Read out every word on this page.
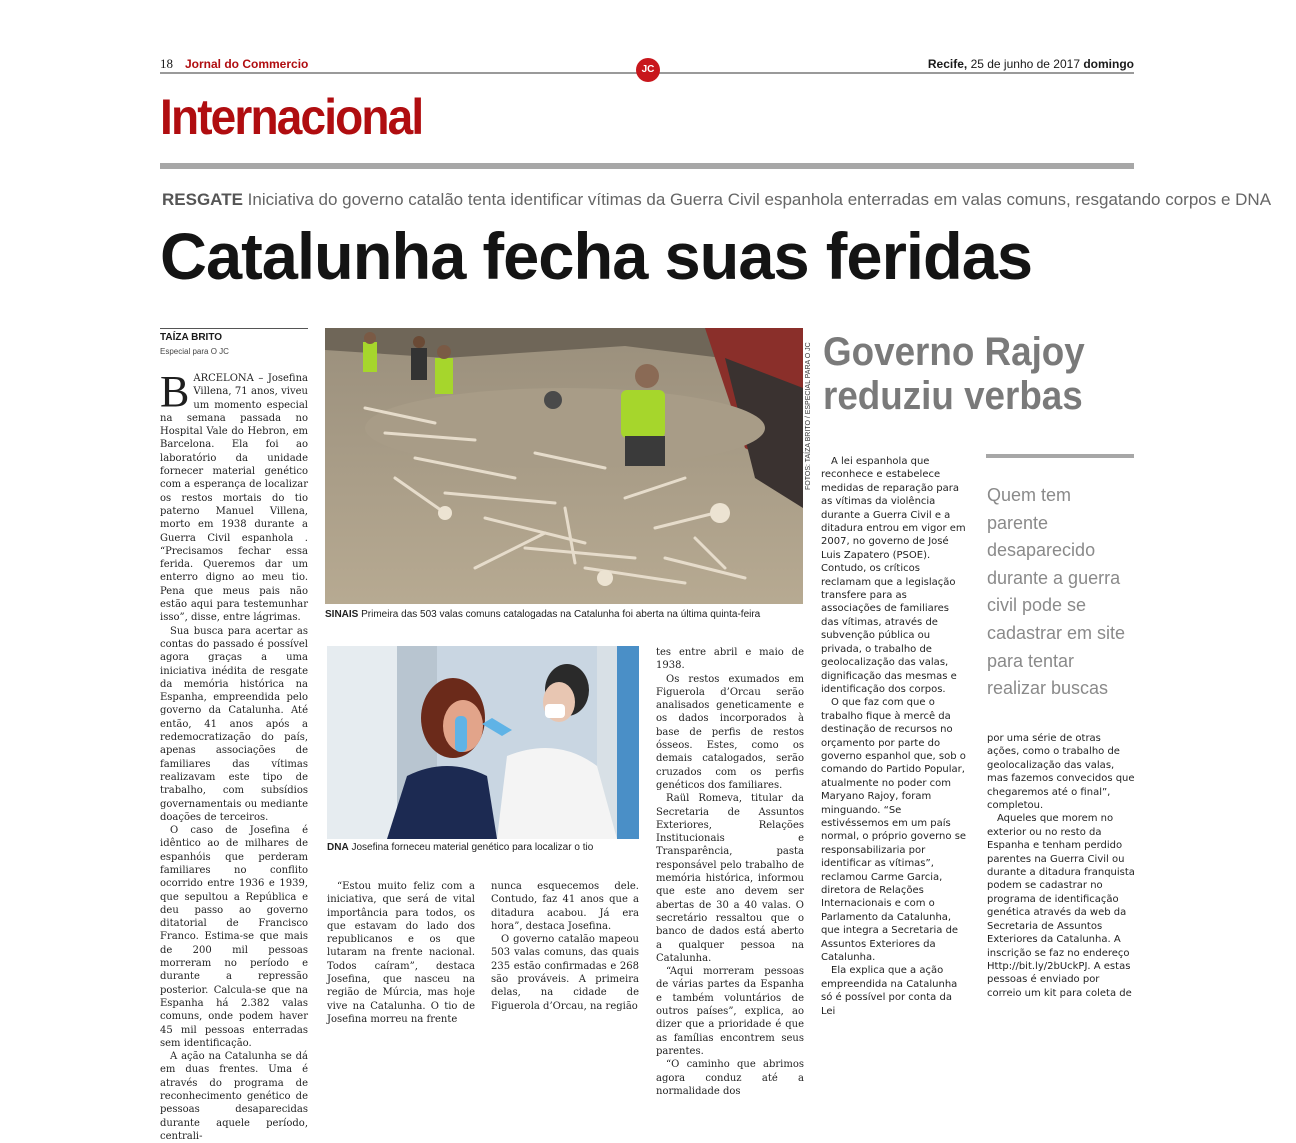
18 Jornal do Commercio	JC	Recife, 25 de junho de 2017 domingo
Internacional
RESGATE Iniciativa do governo catalão tenta identificar vítimas da Guerra Civil espanhola enterradas em valas comuns, resgatando corpos e DNA
Catalunha fecha suas feridas
TAÍZA BRITO
Especial para O JC

BARCELONA – Josefina Villena, 71 anos, viveu um momento especial na semana passada no Hospital Vale do Hebron, em Barcelona. Ela foi ao laboratório da unidade fornecer material genético com a esperança de localizar os restos mortais do tio paterno Manuel Villena, morto em 1938 durante a Guerra Civil espanhola . “Precisamos fechar essa ferida. Queremos dar um enterro digno ao meu tio. Pena que meus pais não estão aqui para testemunhar isso”, disse, entre lágrimas.

Sua busca para acertar as contas do passado é possível agora graças a uma iniciativa inédita de resgate da memória histórica na Espanha, empreendida pelo governo da Catalunha. Até então, 41 anos após a redemocratização do país, apenas associações de familiares das vítimas realizavam este tipo de trabalho, com subsídios governamentais ou mediante doações de terceiros.

O caso de Josefina é idêntico ao de milhares de espanhóis que perderam familiares no conflito ocorrido entre 1936 e 1939, que sepultou a República e deu passo ao governo ditatorial de Francisco Franco. Estima-se que mais de 200 mil pessoas morreram no período e durante a repressão posterior. Calcula-se que na Espanha há 2.382 valas comuns, onde podem haver 45 mil pessoas enterradas sem identificação.

A ação na Catalunha se dá em duas frentes. Uma é através do programa de reconhecimento genético de pessoas desaparecidas durante aquele período, centrali-

FOTOS: TAÍZA BRITO / ESPECIAL PARA O JC
SINAIS Primeira das 503 valas comuns catalogadas na Catalunha foi aberta na última quinta-feira
DNA Josefina forneceu material genético para localizar o tio

“Estou muito feliz com a iniciativa, que será de vital importância para todos, os que estavam do lado dos republicanos e os que lutaram na frente nacional. Todos caíram”, destaca Josefina, que nasceu na região de Múrcia, mas hoje vive na Catalunha. O tio de Josefina morreu na frente

nunca esquecemos dele. Contudo, faz 41 anos que a ditadura acabou. Já era hora”, destaca Josefina.

O governo catalão mapeou 503 valas comuns, das quais 235 estão confirmadas e 268 são prováveis. A primeira delas, na cidade de Figuerola d’Orcau, na região

tes entre abril e maio de 1938.

Os restos exumados em Figuerola d’Orcau serão analisados geneticamente e os dados incorporados à base de perfis de restos ósseos. Estes, como os demais catalogados, serão cruzados com os perfis genéticos dos familiares.

Raül Romeva, titular da Secretaria de Assuntos Exteriores, Relações Institucionais e Transparência, pasta responsável pelo trabalho de memória histórica, informou que este ano devem ser abertas de 30 a 40 valas. O secretário ressaltou que o banco de dados está aberto a qualquer pessoa na Catalunha.

“Aqui morreram pessoas de várias partes da Espanha e também voluntários de outros países”, explica, ao dizer que a prioridade é que as famílias encontrem seus parentes.

“O caminho que abrimos agora conduz até a normalidade dos

Governo Rajoy
reduziu verbas

A lei espanhola que reconhece e estabelece medidas de reparação para as vítimas da violência durante a Guerra Civil e a ditadura entrou em vigor em 2007, no governo de José Luis Zapatero (PSOE). Contudo, os críticos reclamam que a legislação transfere para as associações de familiares das vítimas, através de subvenção pública ou privada, o trabalho de geolocalização das valas, dignificação das mesmas e identificação dos corpos.

O que faz com que o trabalho fique à mercê da destinação de recursos no orçamento por parte do governo espanhol que, sob o comando do Partido Popular, atualmente no poder com Maryano Rajoy, foram minguando. “Se estivéssemos em um país normal, o próprio governo se responsabilizaria por identificar as vítimas”, reclamou Carme Garcia, diretora de Relações Internacionais e com o Parlamento da Catalunha, que integra a Secretaria de Assuntos Exteriores da Catalunha.

Ela explica que a ação empreendida na Catalunha só é possível por conta da Lei

Quem tem parente desaparecido durante a guerra civil pode se cadastrar em site para tentar realizar buscas

por uma série de otras ações, como o trabalho de geolocalização das valas, mas fazemos convecidos que chegaremos até o final”, completou.

Aqueles que morem no exterior ou no resto da Espanha e tenham perdido parentes na Guerra Civil ou durante a ditadura franquista podem se cadastrar no programa de identificação genética através da web da Secretaria de Assuntos Exteriores da Catalunha. A inscrição se faz no endereço Http://bit.ly/2bUckPJ. A estas pessoas é enviado por correio um kit para coleta de
